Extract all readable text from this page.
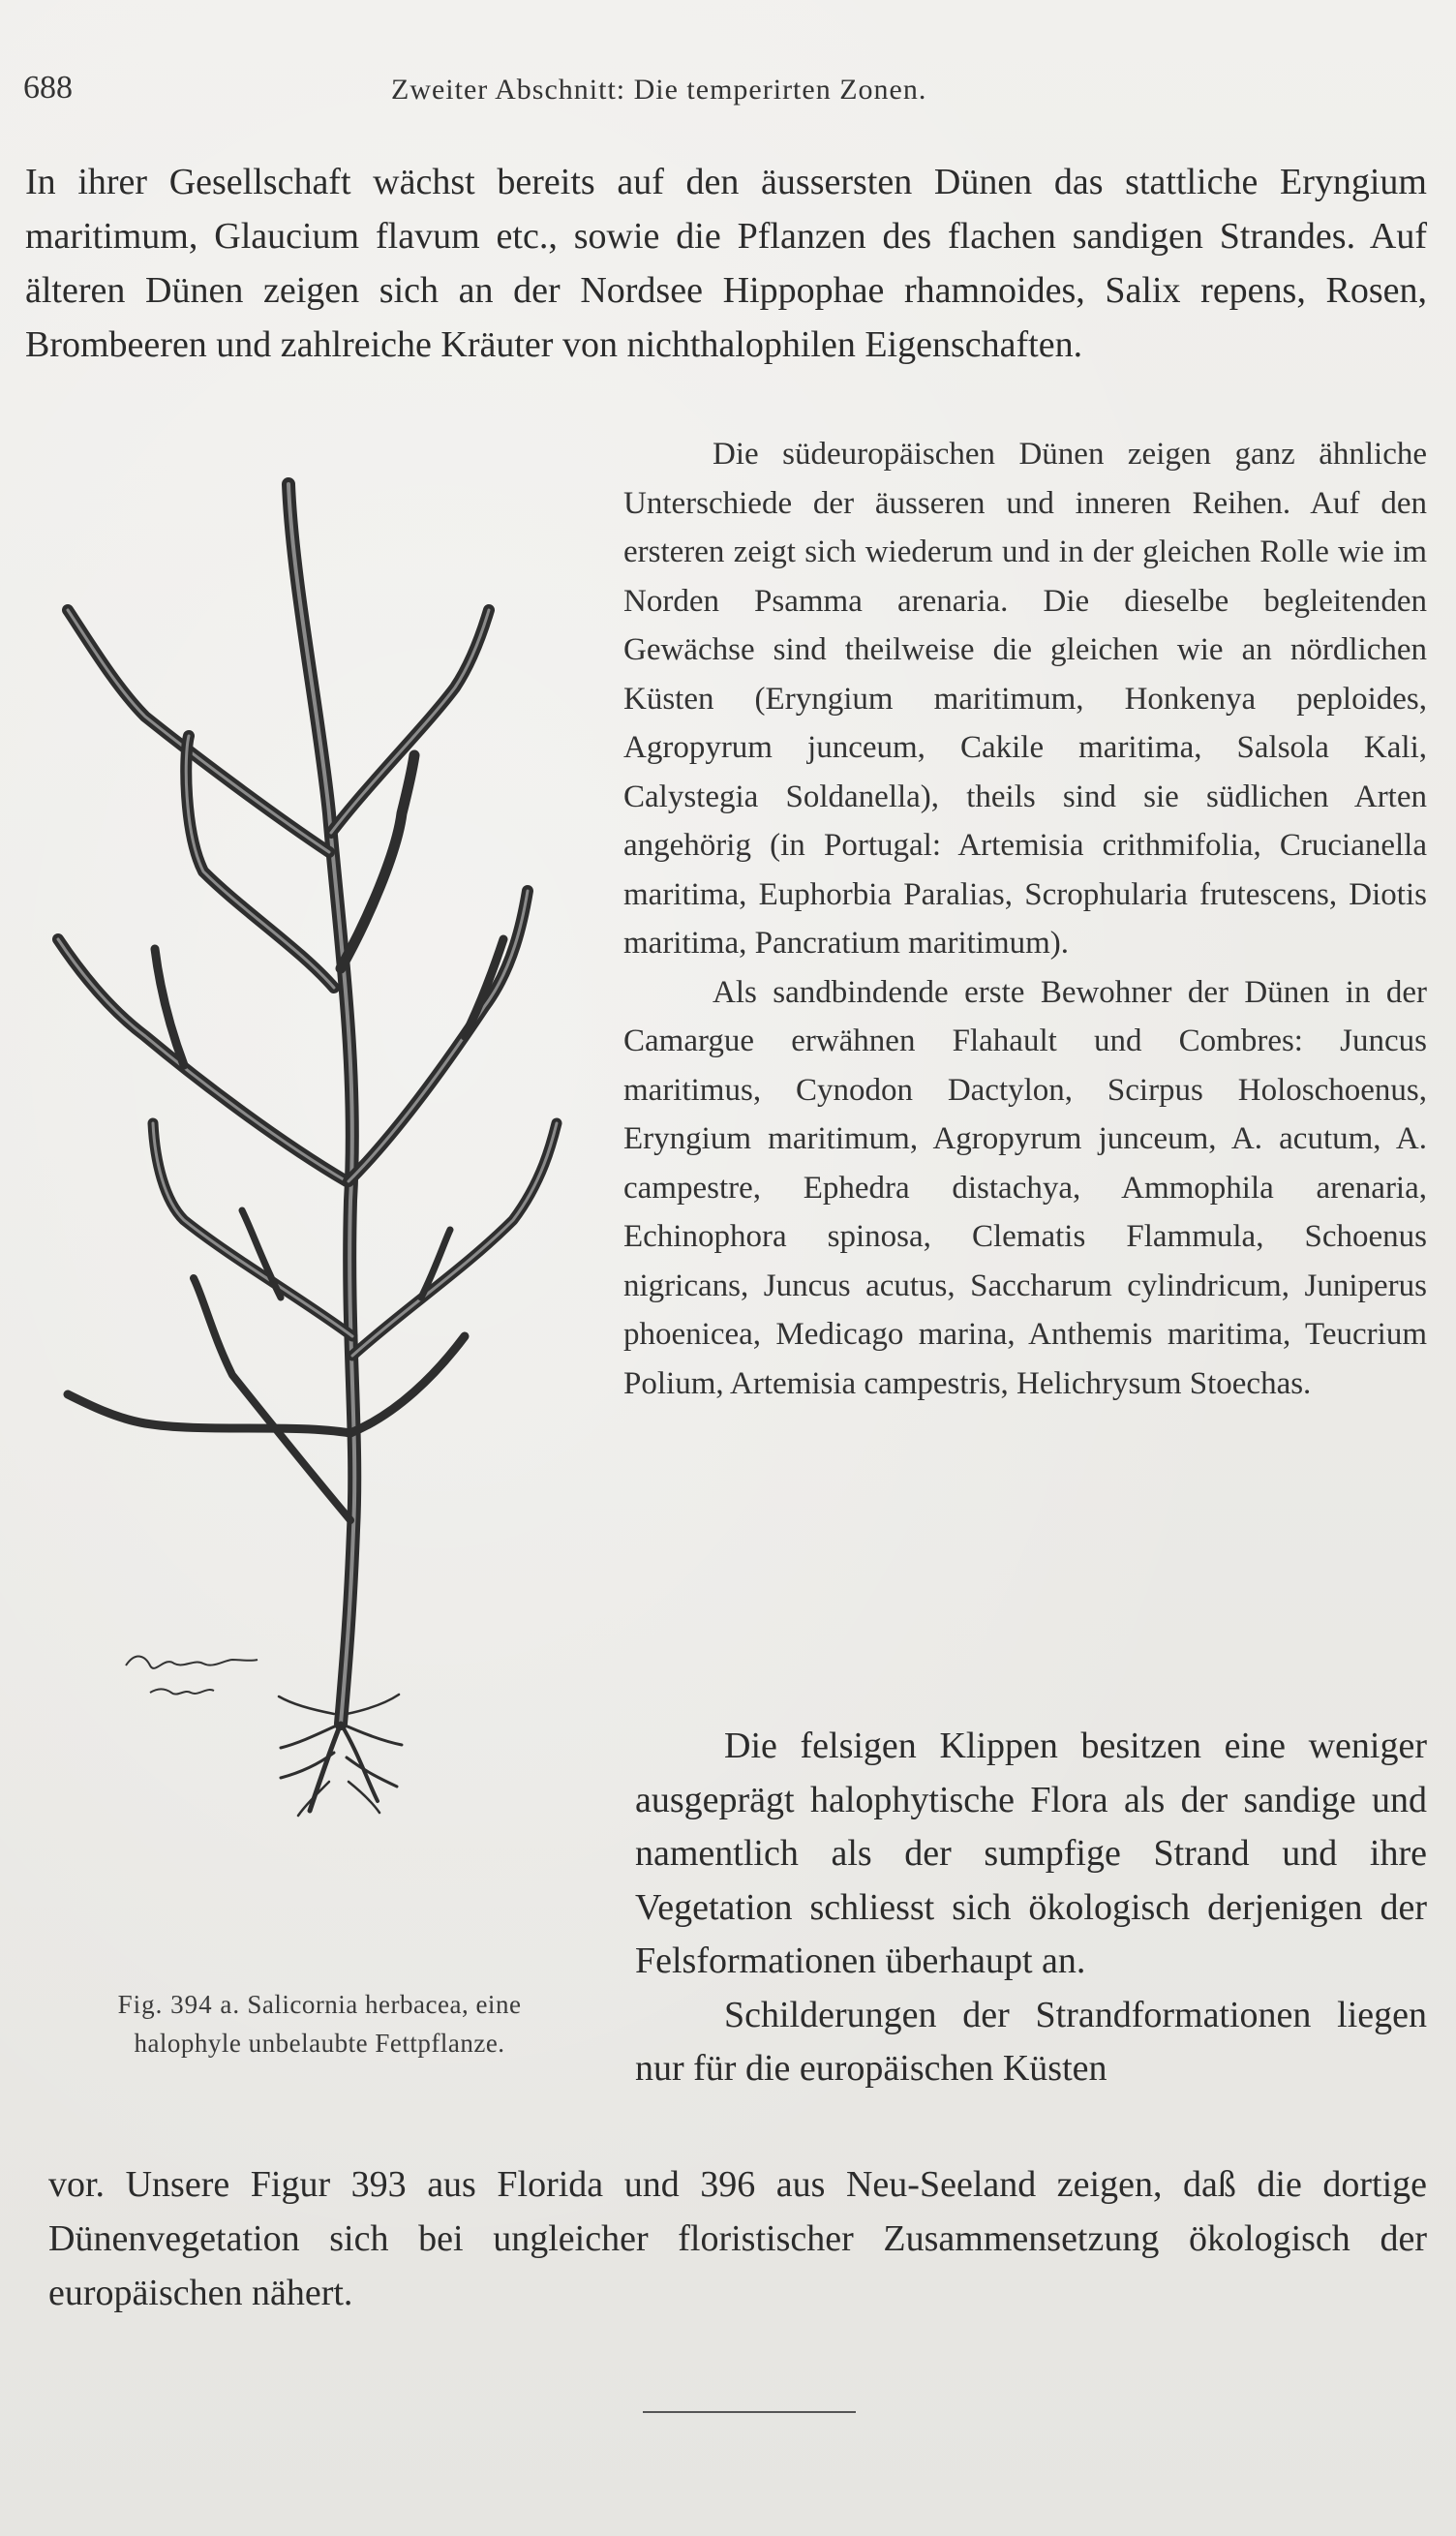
688	Zweiter Abschnitt: Die temperirten Zonen.

In ihrer Gesellschaft wächst bereits auf den äussersten Dünen das stattliche Eryngium maritimum, Glaucium flavum etc., sowie die Pflanzen des flachen sandigen Strandes. Auf älteren Dünen zeigen sich an der Nordsee Hippophae rhamnoides, Salix repens, Rosen, Brombeeren und zahlreiche Kräuter von nichthalophilen Eigenschaften.

Die südeuropäischen Dünen zeigen ganz ähnliche Unterschiede der äusseren und inneren Reihen. Auf den ersteren zeigt sich wiederum und in der gleichen Rolle wie im Norden Psamma arenaria. Die dieselbe begleitenden Gewächse sind theilweise die gleichen wie an nördlichen Küsten (Eryngium maritimum, Honkenya peploides, Agropyrum junceum, Cakile maritima, Salsola Kali, Calystegia Soldanella), theils sind sie südlichen Arten angehörig (in Portugal: Artemisia crithmifolia, Crucianella maritima, Euphorbia Paralias, Scrophularia frutescens, Diotis maritima, Pancratium maritimum).

Als sandbindende erste Bewohner der Dünen in der Camargue erwähnen Flahault und Combres: Juncus maritimus, Cynodon Dactylon, Scirpus Holoschoenus, Eryngium maritimum, Agropyrum junceum, A. acutum, A. campestre, Ephedra distachya, Ammophila arenaria, Echinophora spinosa, Clematis Flammula, Schoenus nigricans, Juncus acutus, Saccharum cylindricum, Juniperus phoenicea, Medicago marina, Anthemis maritima, Teucrium Polium, Artemisia campestris, Helichrysum Stoechas.

Die felsigen Klippen besitzen eine weniger ausgeprägt halophytische Flora als der sandige und namentlich als der sumpfige Strand und ihre Vegetation schliesst sich ökologisch derjenigen der Felsformationen überhaupt an.

Schilderungen der Strandformationen liegen nur für die europäischen Küsten

vor. Unsere Figur 393 aus Florida und 396 aus Neu-Seeland zeigen, daß die dortige Dünenvegetation sich bei ungleicher floristischer Zusammensetzung ökologisch der europäischen nähert.

Fig. 394 a. Salicornia herbacea, eine
halophyle unbelaubte Fettpflanze.
